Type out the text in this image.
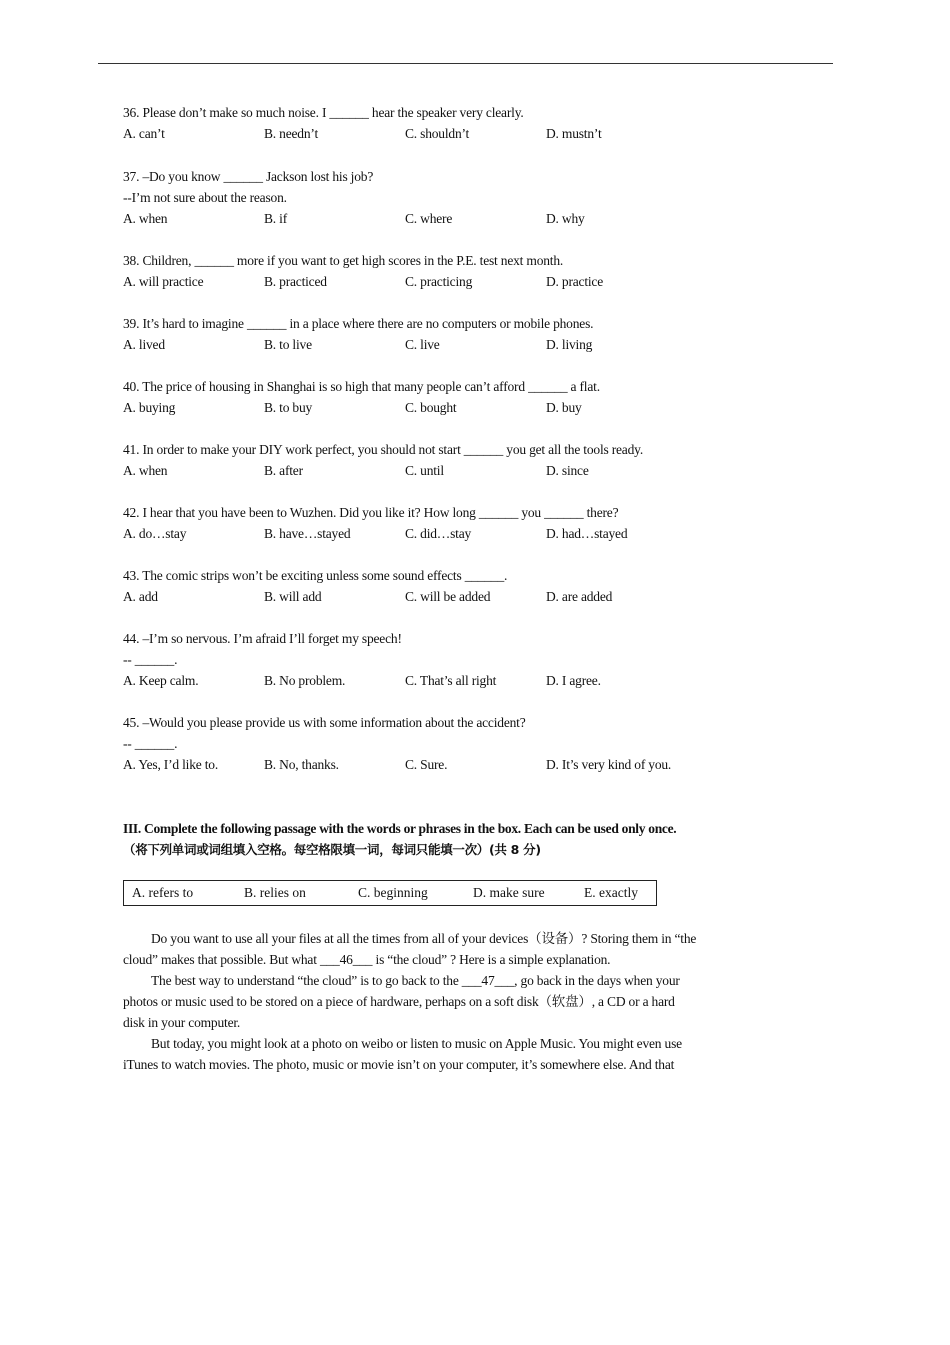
36. Please don’t make so much noise. I ______ hear the speaker very clearly.
A. can’t	B. needn’t	C. shouldn’t	D. mustn’t
37. –Do you know ______ Jackson lost his job?
--I’m not sure about the reason.
A. when	B. if	C. where	D. why
38. Children, ______ more if you want to get high scores in the P.E. test next month.
A. will practice	B. practiced	C. practicing	D. practice
39. It’s hard to imagine ______ in a place where there are no computers or mobile phones.
A. lived	B. to live	C. live	D. living
40. The price of housing in Shanghai is so high that many people can’t afford ______ a flat.
A. buying	B. to buy	C. bought	D. buy
41. In order to make your DIY work perfect, you should not start ______ you get all the tools ready.
A. when	B. after	C. until	D. since
42. I hear that you have been to Wuzhen. Did you like it? How long ______ you ______ there?
A. do…stay	B. have…stayed	C. did…stay	D. had…stayed
43. The comic strips won’t be exciting unless some sound effects ______.
A. add	B. will add	C. will be added	D. are added
44. –I’m so nervous. I’m afraid I’ll forget my speech!
-- ______.
A. Keep calm.	B. No problem.	C. That’s all right	D. I agree.
45. –Would you please provide us with some information about the accident?
-- ______.
A. Yes, I’d like to.	B. No, thanks.	C. Sure.	D. It’s very kind of you.
III. Complete the following passage with the words or phrases in the box. Each can be used only once.
（将下列单词或词组填入空格。每空格限填一词，每词只能填一次）(共 8 分)
A. refers to	B. relies on	C. beginning	D. make sure	E. exactly
Do you want to use all your files at all the times from all of your devices（设备）? Storing them in “the
cloud” makes that possible. But what ___46___ is “the cloud” ? Here is a simple explanation.
The best way to understand “the cloud” is to go back to the ___47___, go back in the days when your
photos or music used to be stored on a piece of hardware, perhaps on a soft disk（软盘）, a CD or a hard
disk in your computer.
But today, you might look at a photo on weibo or listen to music on Apple Music. You might even use
iTunes to watch movies. The photo, music or movie isn’t on your computer, it’s somewhere else. And that
